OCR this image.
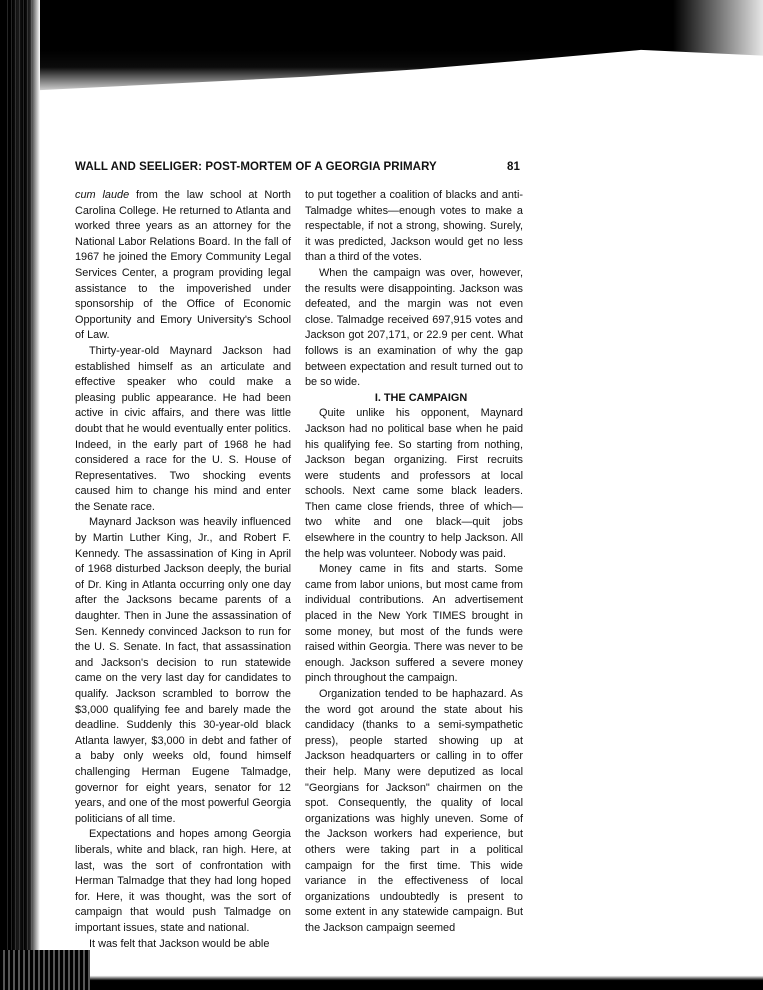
WALL AND SEELIGER: POST-MORTEM OF A GEORGIA PRIMARY	81

cum laude from the law school at North Carolina College. He returned to Atlanta and worked three years as an attorney for the National Labor Relations Board. In the fall of 1967 he joined the Emory Community Legal Services Center, a program providing legal assistance to the impoverished under sponsorship of the Office of Economic Opportunity and Emory University's School of Law.

Thirty-year-old Maynard Jackson had established himself as an articulate and effective speaker who could make a pleasing public appearance. He had been active in civic affairs, and there was little doubt that he would eventually enter politics. Indeed, in the early part of 1968 he had considered a race for the U. S. House of Representatives. Two shocking events caused him to change his mind and enter the Senate race.

Maynard Jackson was heavily influenced by Martin Luther King, Jr., and Robert F. Kennedy. The assassination of King in April of 1968 disturbed Jackson deeply, the burial of Dr. King in Atlanta occurring only one day after the Jacksons became parents of a daughter. Then in June the assassination of Sen. Kennedy convinced Jackson to run for the U. S. Senate. In fact, that assassination and Jackson's decision to run statewide came on the very last day for candidates to qualify. Jackson scrambled to borrow the $3,000 qualifying fee and barely made the deadline. Suddenly this 30-year-old black Atlanta lawyer, $3,000 in debt and father of a baby only weeks old, found himself challenging Herman Eugene Talmadge, governor for eight years, senator for 12 years, and one of the most powerful Georgia politicians of all time.

Expectations and hopes among Georgia liberals, white and black, ran high. Here, at last, was the sort of confrontation with Herman Talmadge that they had long hoped for. Here, it was thought, was the sort of campaign that would push Talmadge on important issues, state and national.

It was felt that Jackson would be able

to put together a coalition of blacks and anti-Talmadge whites—enough votes to make a respectable, if not a strong, showing. Surely, it was predicted, Jackson would get no less than a third of the votes.

When the campaign was over, however, the results were disappointing. Jackson was defeated, and the margin was not even close. Talmadge received 697,915 votes and Jackson got 207,171, or 22.9 per cent. What follows is an examination of why the gap between expectation and result turned out to be so wide.

I. THE CAMPAIGN

Quite unlike his opponent, Maynard Jackson had no political base when he paid his qualifying fee. So starting from nothing, Jackson began organizing. First recruits were students and professors at local schools. Next came some black leaders. Then came close friends, three of which—two white and one black—quit jobs elsewhere in the country to help Jackson. All the help was volunteer. Nobody was paid.

Money came in fits and starts. Some came from labor unions, but most came from individual contributions. An advertisement placed in the New York TIMES brought in some money, but most of the funds were raised within Georgia. There was never to be enough. Jackson suffered a severe money pinch throughout the campaign.

Organization tended to be haphazard. As the word got around the state about his candidacy (thanks to a semi-sympathetic press), people started showing up at Jackson headquarters or calling in to offer their help. Many were deputized as local "Georgians for Jackson" chairmen on the spot. Consequently, the quality of local organizations was highly uneven. Some of the Jackson workers had experience, but others were taking part in a political campaign for the first time. This wide variance in the effectiveness of local organizations undoubtedly is present to some extent in any statewide campaign. But the Jackson campaign seemed
